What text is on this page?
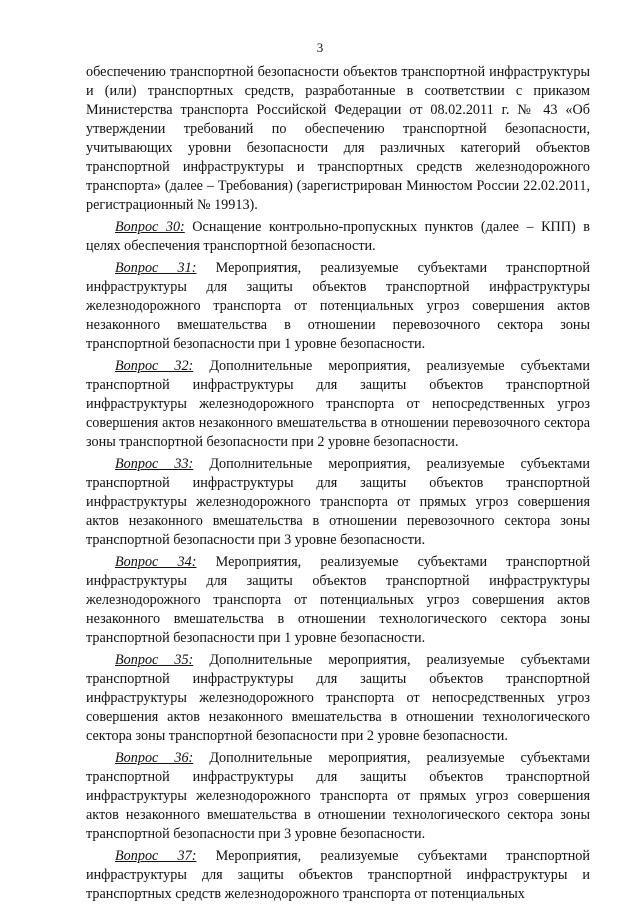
3

обеспечению транспортной безопасности объектов транспортной инфраструктуры и (или) транспортных средств, разработанные в соответствии с приказом Министерства транспорта Российской Федерации от 08.02.2011 г. № 43 «Об утверждении требований по обеспечению транспортной безопасности, учитывающих уровни безопасности для различных категорий объектов транспортной инфраструктуры и транспортных средств железнодорожного транспорта» (далее – Требования) (зарегистрирован Минюстом России 22.02.2011, регистрационный № 19913).

Вопрос 30: Оснащение контрольно-пропускных пунктов (далее – КПП) в целях обеспечения транспортной безопасности.

Вопрос 31: Мероприятия, реализуемые субъектами транспортной инфраструктуры для защиты объектов транспортной инфраструктуры железнодорожного транспорта от потенциальных угроз совершения актов незаконного вмешательства в отношении перевозочного сектора зоны транспортной безопасности при 1 уровне безопасности.

Вопрос 32: Дополнительные мероприятия, реализуемые субъектами транспортной инфраструктуры для защиты объектов транспортной инфраструктуры железнодорожного транспорта от непосредственных угроз совершения актов незаконного вмешательства в отношении перевозочного сектора зоны транспортной безопасности при 2 уровне безопасности.

Вопрос 33: Дополнительные мероприятия, реализуемые субъектами транспортной инфраструктуры для защиты объектов транспортной инфраструктуры железнодорожного транспорта от прямых угроз совершения актов незаконного вмешательства в отношении перевозочного сектора зоны транспортной безопасности при 3 уровне безопасности.

Вопрос 34: Мероприятия, реализуемые субъектами транспортной инфраструктуры для защиты объектов транспортной инфраструктуры железнодорожного транспорта от потенциальных угроз совершения актов незаконного вмешательства в отношении технологического сектора зоны транспортной безопасности при 1 уровне безопасности.

Вопрос 35: Дополнительные мероприятия, реализуемые субъектами транспортной инфраструктуры для защиты объектов транспортной инфраструктуры железнодорожного транспорта от непосредственных угроз совершения актов незаконного вмешательства в отношении технологического сектора зоны транспортной безопасности при 2 уровне безопасности.

Вопрос 36: Дополнительные мероприятия, реализуемые субъектами транспортной инфраструктуры для защиты объектов транспортной инфраструктуры железнодорожного транспорта от прямых угроз совершения актов незаконного вмешательства в отношении технологического сектора зоны транспортной безопасности при 3 уровне безопасности.

Вопрос 37: Мероприятия, реализуемые субъектами транспортной инфраструктуры для защиты объектов транспортной инфраструктуры и транспортных средств железнодорожного транспорта от потенциальных
